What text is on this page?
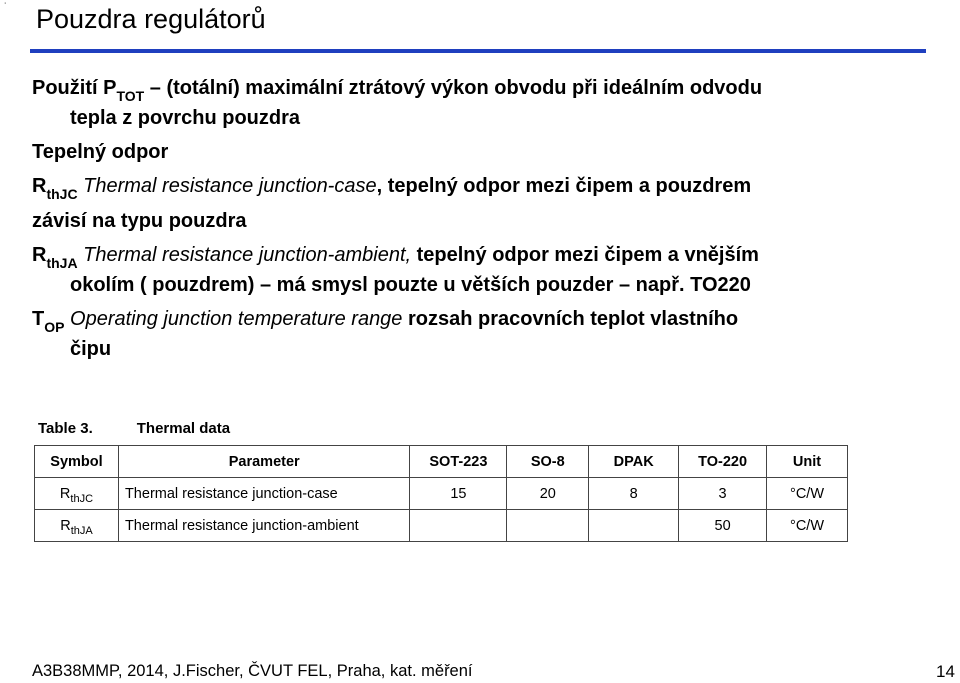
˙ Pouzdra regulátorů
Použití $P_{TOT}$ – (totální) maximální ztrátový výkon obvodu při ideálním odvodu
tepla z povrchu pouzdra
Tepelný odpor
$R_{thJC}$ Thermal resistance junction-case, tepelný odpor mezi čipem a pouzdrem
závisí na typu pouzdra
$R_{thJA}$ Thermal resistance junction-ambient, tepelný odpor mezi čipem a vnějším
okolím ( pouzdrem) – má smysl pouzte u větších pouzder – např. TO220
$T_{OP}$ Operating junction temperature range rozsah pracovních teplot vlastního
čipu
Table 3.	Thermal data
Symbol	Parameter	SOT-223	SO-8	DPAK	TO-220	Unit
$R_{thJC}$	Thermal resistance junction-case	15	20	8	3	°C/W
$R_{thJA}$	Thermal resistance junction-ambient				50	°C/W
A3B38MMP, 2014, J.Fischer, ČVUT FEL, Praha, kat. měření	14
